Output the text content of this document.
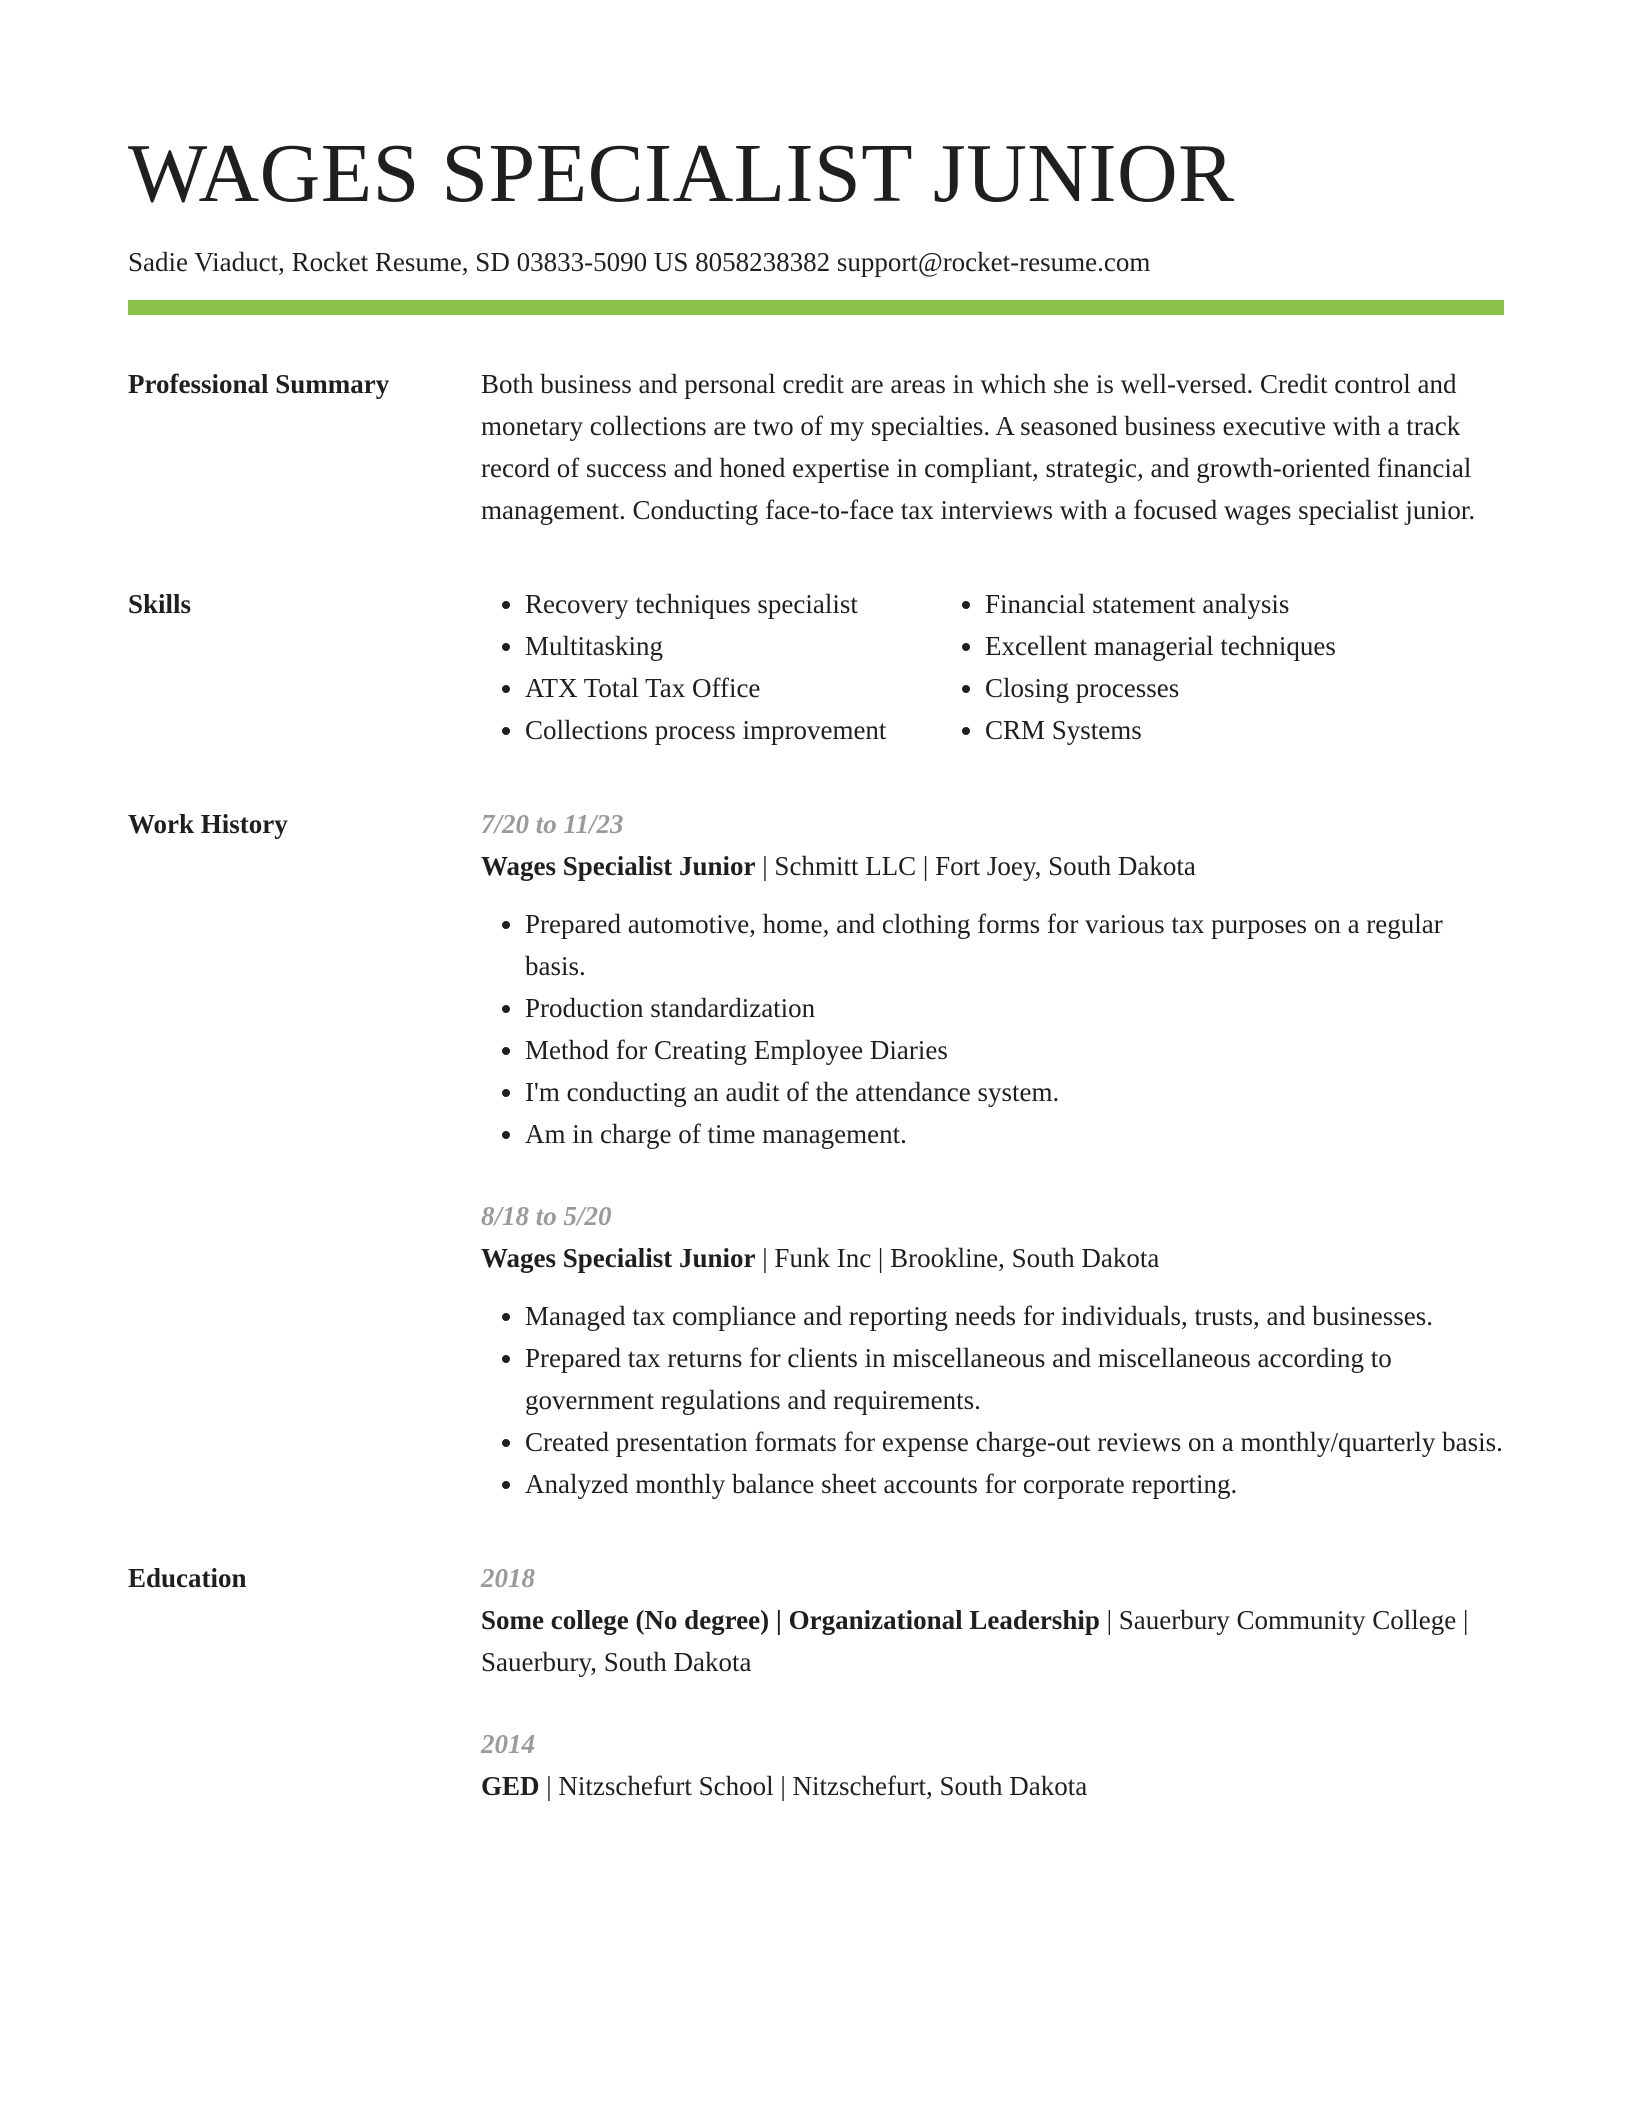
WAGES SPECIALIST JUNIOR
Sadie Viaduct, Rocket Resume, SD 03833-5090 US 8058238382 support@rocket-resume.com
Professional Summary	Both business and personal credit are areas in which she is well-versed. Credit control and monetary collections are two of my specialties. A seasoned business executive with a track record of success and honed expertise in compliant, strategic, and growth-oriented financial management. Conducting face-to-face tax interviews with a focused wages specialist junior.

Skills
•	Recovery techniques specialist
• Multitasking
• ATX Total Tax Office
• Collections process improvement
• Financial statement analysis
• Excellent managerial techniques
• Closing processes
• CRM Systems
Work History	7/20 to 11/23
Wages Specialist Junior | Schmitt LLC | Fort Joey, South Dakota
• Prepared automotive, home, and clothing forms for various tax purposes on a regular basis.
• Production standardization
• Method for Creating Employee Diaries
• I'm conducting an audit of the attendance system.
• Am in charge of time management.
8/18 to 5/20
Wages Specialist Junior | Funk Inc | Brookline, South Dakota
• Managed tax compliance and reporting needs for individuals, trusts, and businesses.
• Prepared tax returns for clients in miscellaneous and miscellaneous according to government regulations and requirements.
• Created presentation formats for expense charge-out reviews on a monthly/quarterly basis.
• Analyzed monthly balance sheet accounts for corporate reporting.
Education	2018
Some college (No degree) | Organizational Leadership | Sauerbury Community College | Sauerbury, South Dakota
2014
GED | Nitzschefurt School | Nitzschefurt, South Dakota
